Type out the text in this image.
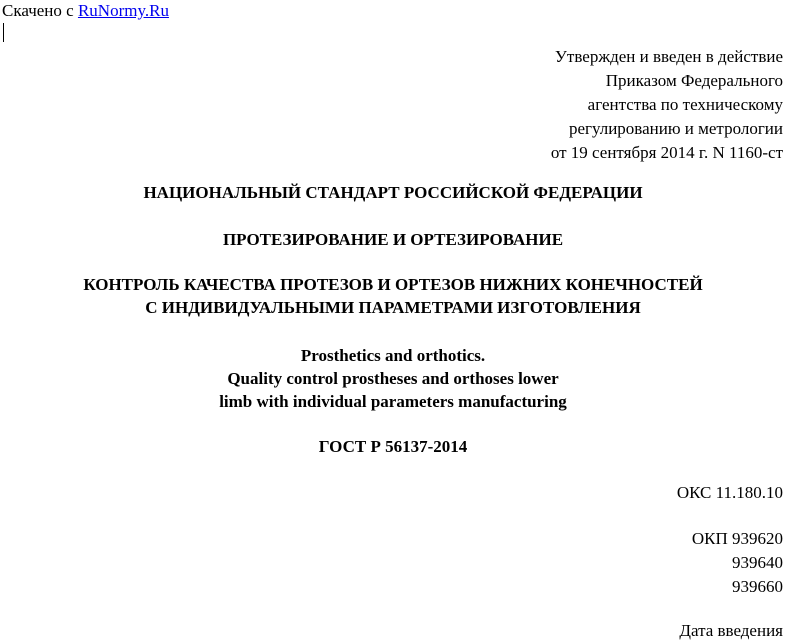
Скачено с RuNormy.Ru
Утвержден и введен в действие
Приказом Федерального
агентства по техническому
регулированию и метрологии
от 19 сентября 2014 г. N 1160-ст
НАЦИОНАЛЬНЫЙ СТАНДАРТ РОССИЙСКОЙ ФЕДЕРАЦИИ
ПРОТЕЗИРОВАНИЕ И ОРТЕЗИРОВАНИЕ
КОНТРОЛЬ КАЧЕСТВА ПРОТЕЗОВ И ОРТЕЗОВ НИЖНИХ КОНЕЧНОСТЕЙ
С ИНДИВИДУАЛЬНЫМИ ПАРАМЕТРАМИ ИЗГОТОВЛЕНИЯ
Prosthetics and orthotics.
Quality control prostheses and orthoses lower
limb with individual parameters manufacturing
ГОСТ Р 56137-2014
ОКС 11.180.10
ОКП 939620
939640
939660
Дата введения
